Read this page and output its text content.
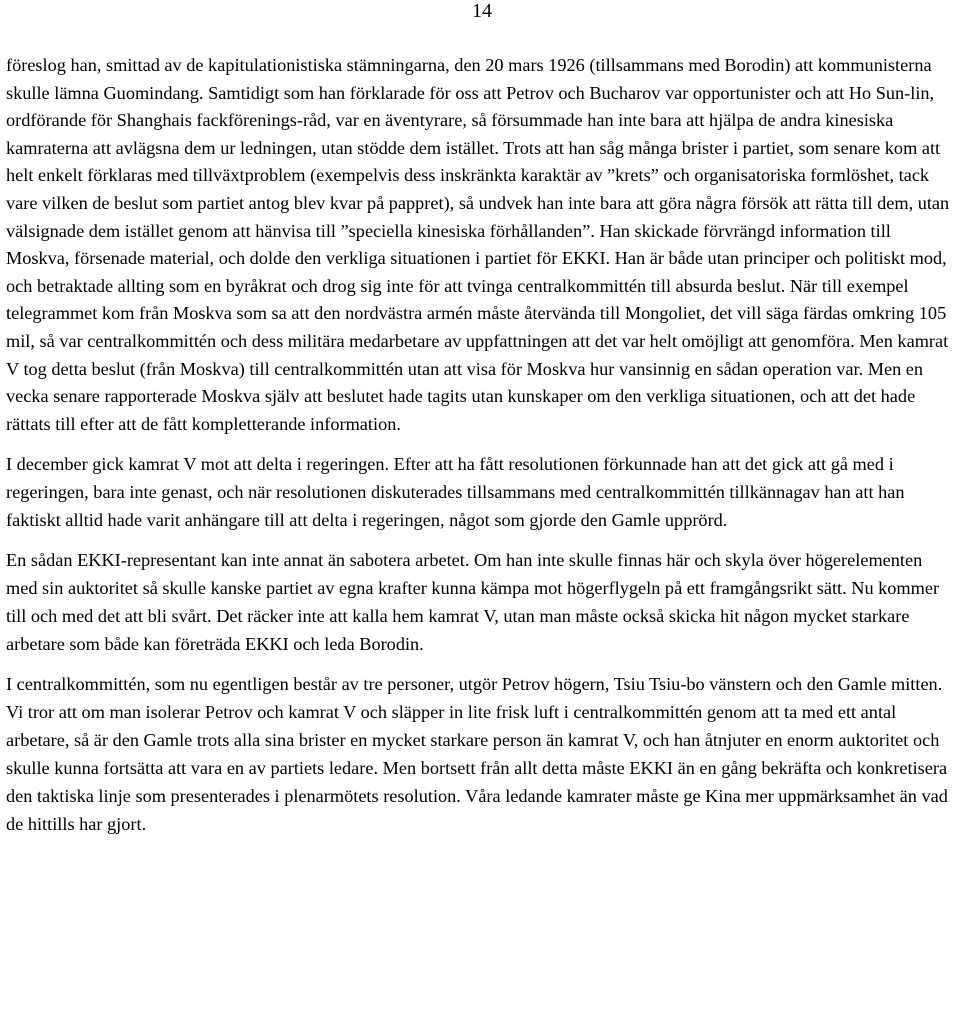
14

föreslog han, smittad av de kapitulationistiska stämningarna, den 20 mars 1926 (tillsammans med Borodin) att kommunisterna skulle lämna Guomindang. Samtidigt som han förklarade för oss att Petrov och Bucharov var opportunister och att Ho Sun-lin, ordförande för Shanghais fackförenings-råd, var en äventyrare, så försummade han inte bara att hjälpa de andra kinesiska kamraterna att avlägsna dem ur ledningen, utan stödde dem istället. Trots att han såg många brister i partiet, som senare kom att helt enkelt förklaras med tillväxtproblem (exempelvis dess inskränkta karaktär av ”krets” och organisatoriska formlöshet, tack vare vilken de beslut som partiet antog blev kvar på pappret), så undvek han inte bara att göra några försök att rätta till dem, utan välsignade dem istället genom att hänvisa till ”speciella kinesiska förhållanden”. Han skickade förvrängd information till Moskva, försenade material, och dolde den verkliga situationen i partiet för EKKI. Han är både utan principer och politiskt mod, och betraktade allting som en byråkrat och drog sig inte för att tvinga centralkommittén till absurda beslut. När till exempel telegrammet kom från Moskva som sa att den nordvästra armén måste återvända till Mongoliet, det vill säga färdas omkring 105 mil, så var centralkommittén och dess militära medarbetare av uppfattningen att det var helt omöjligt att genomföra. Men kamrat V tog detta beslut (från Moskva) till centralkommittén utan att visa för Moskva hur vansinnig en sådan operation var. Men en vecka senare rapporterade Moskva själv att beslutet hade tagits utan kunskaper om den verkliga situationen, och att det hade rättats till efter att de fått kompletterande information.

I december gick kamrat V mot att delta i regeringen. Efter att ha fått resolutionen förkunnade han att det gick att gå med i regeringen, bara inte genast, och när resolutionen diskuterades tillsammans med centralkommittén tillkännagav han att han faktiskt alltid hade varit anhängare till att delta i regeringen, något som gjorde den Gamle upprörd.

En sådan EKKI-representant kan inte annat än sabotera arbetet. Om han inte skulle finnas här och skyla över högerelementen med sin auktoritet så skulle kanske partiet av egna krafter kunna kämpa mot högerflygeln på ett framgångsrikt sätt. Nu kommer till och med det att bli svårt. Det räcker inte att kalla hem kamrat V, utan man måste också skicka hit någon mycket starkare arbetare som både kan företräda EKKI och leda Borodin.

I centralkommittén, som nu egentligen består av tre personer, utgör Petrov högern, Tsiu Tsiu-bo vänstern och den Gamle mitten. Vi tror att om man isolerar Petrov och kamrat V och släpper in lite frisk luft i centralkommittén genom att ta med ett antal arbetare, så är den Gamle trots alla sina brister en mycket starkare person än kamrat V, och han åtnjuter en enorm auktoritet och skulle kunna fortsätta att vara en av partiets ledare. Men bortsett från allt detta måste EKKI än en gång bekräfta och konkretisera den taktiska linje som presenterades i plenarmötets resolution. Våra ledande kamrater måste ge Kina mer uppmärksamhet än vad de hittills har gjort.
